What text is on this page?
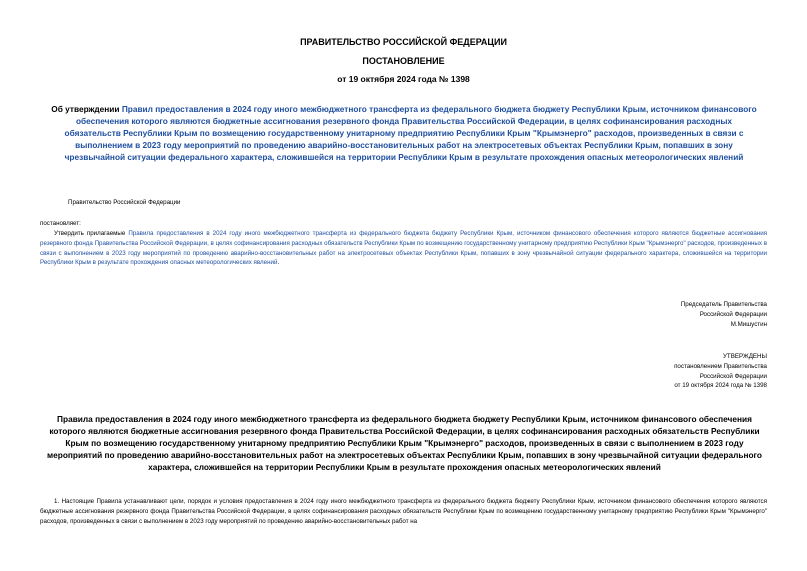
ПРАВИТЕЛЬСТВО РОССИЙСКОЙ ФЕДЕРАЦИИ
ПОСТАНОВЛЕНИЕ
от 19 октября 2024 года № 1398
Об утверждении Правил предоставления в 2024 году иного межбюджетного трансферта из федерального бюджета бюджету Республики Крым, источником финансового обеспечения которого являются бюджетные ассигнования резервного фонда Правительства Российской Федерации, в целях софинансирования расходных обязательств Республики Крым по возмещению государственному унитарному предприятию Республики Крым "Крымэнерго" расходов, произведенных в связи с выполнением в 2023 году мероприятий по проведению аварийно-восстановительных работ на электросетевых объектах Республики Крым, попавших в зону чрезвычайной ситуации федерального характера, сложившейся на территории Республики Крым в результате прохождения опасных метеорологических явлений
Правительство Российской Федерации
постановляет:
Утвердить прилагаемые Правила предоставления в 2024 году иного межбюджетного трансферта из федерального бюджета бюджету Республики Крым, источником финансового обеспечения которого являются бюджетные ассигнования резервного фонда Правительства Российской Федерации, в целях софинансирования расходных обязательств Республики Крым по возмещению государственному унитарному предприятию Республики Крым "Крымэнерго" расходов, произведенных в связи с выполнением в 2023 году мероприятий по проведению аварийно-восстановительных работ на электросетевых объектах Республики Крым, попавших в зону чрезвычайной ситуации федерального характера, сложившейся на территории Республики Крым в результате прохождения опасных метеорологических явлений.
Председатель Правительства
Российской Федерации
М.Мишустин
УТВЕРЖДЕНЫ
постановлением Правительства
Российской Федерации
от 19 октября 2024 года № 1398
Правила предоставления в 2024 году иного межбюджетного трансферта из федерального бюджета бюджету Республики Крым, источником финансового обеспечения которого являются бюджетные ассигнования резервного фонда Правительства Российской Федерации, в целях софинансирования расходных обязательств Республики Крым по возмещению государственному унитарному предприятию Республики Крым "Крымэнерго" расходов, произведенных в связи с выполнением в 2023 году мероприятий по проведению аварийно-восстановительных работ на электросетевых объектах Республики Крым, попавших в зону чрезвычайной ситуации федерального характера, сложившейся на территории Республики Крым в результате прохождения опасных метеорологических явлений
1. Настоящие Правила устанавливают цели, порядок и условия предоставления в 2024 году иного межбюджетного трансферта из федерального бюджета бюджету Республики Крым, источником финансового обеспечения которого являются бюджетные ассигнования резервного фонда Правительства Российской Федерации, в целях софинансирования расходных обязательств Республики Крым по возмещению государственному унитарному предприятию Республики Крым "Крымэнерго" расходов, произведенных в связи с выполнением в 2023 году мероприятий по проведению аварийно-восстановительных работ на
